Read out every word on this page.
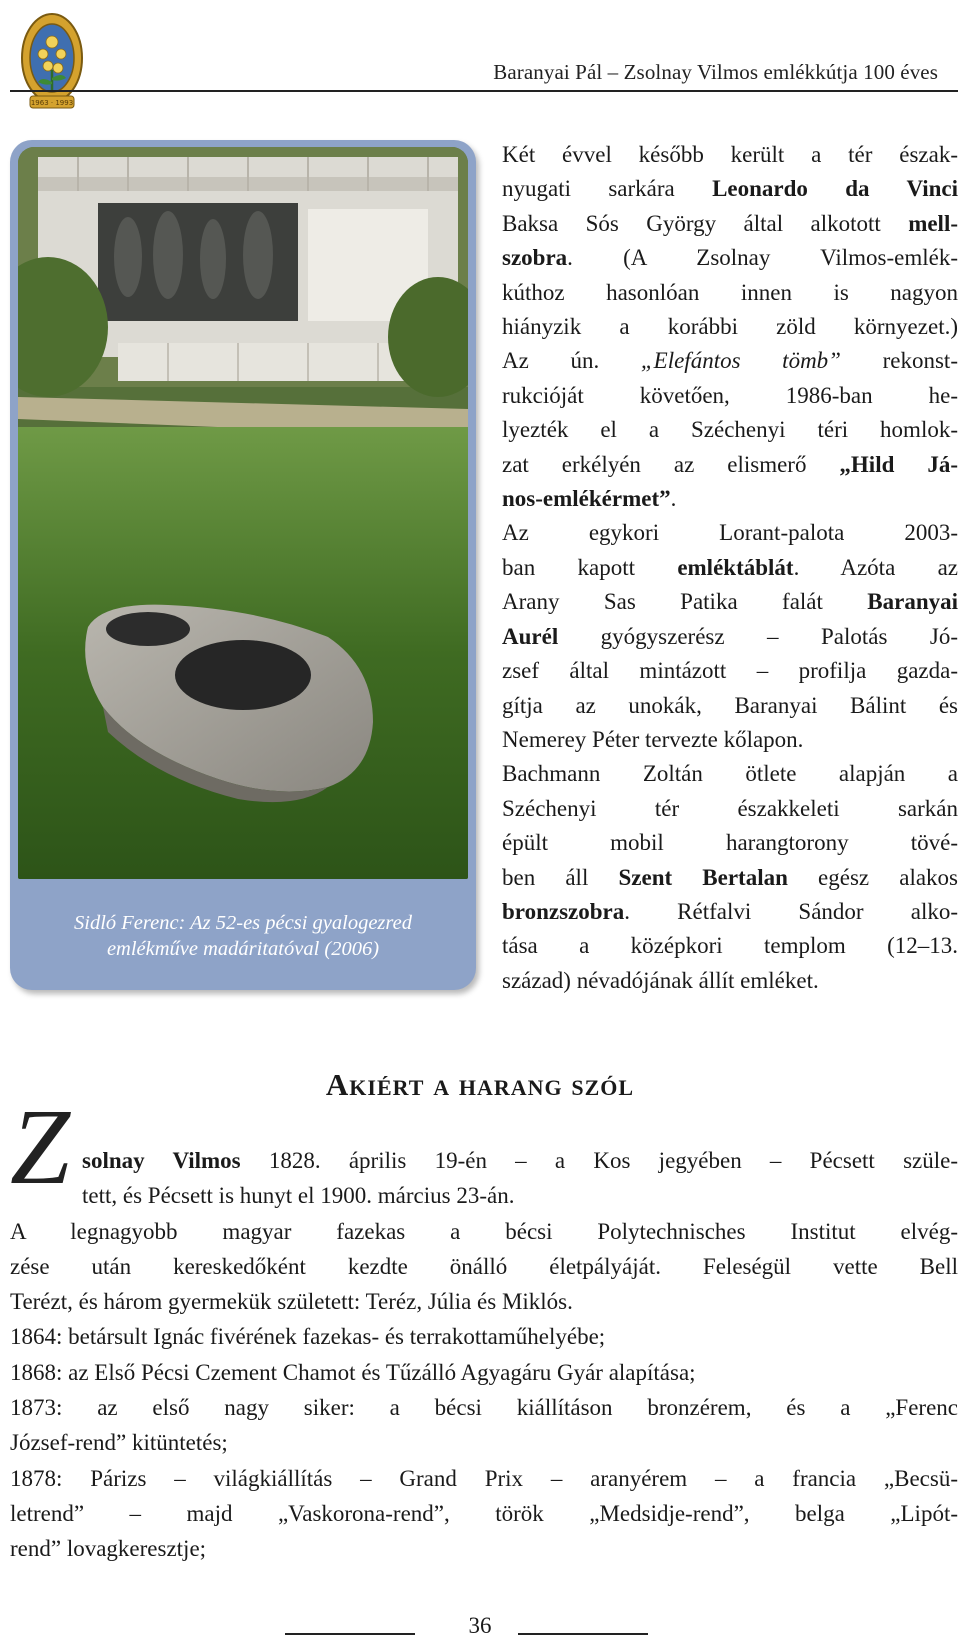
1963 · 1993
Baranyai Pál – Zsolnay Vilmos emlékkútja 100 éves
Sidló Ferenc: Az 52-es pécsi gyalogezred
emlékműve madáritatóval (2006)
Két évvel később került a tér észak-
nyugati sarkára Leonardo da Vinci
Baksa Sós György által alkotott mell-
szobra. (A Zsolnay Vilmos-emlék-
kúthoz hasonlóan innen is nagyon
hiányzik a korábbi zöld környezet.)
Az ún. „Elefántos tömb” rekonst-
rukcióját követően, 1986-ban he-
lyezték el a Széchenyi téri homlok-
zat erkélyén az elismerő „Hild Já-
nos-emlékérmet”.
Az egykori Lorant-palota 2003-
ban kapott emléktáblát. Azóta az
Arany Sas Patika falát Baranyai
Aurél gyógyszerész – Palotás Jó-
zsef által mintázott – profilja gazda-
gítja az unokák, Baranyai Bálint és
Nemerey Péter tervezte kőlapon.
Bachmann Zoltán ötlete alapján a
Széchenyi tér északkeleti sarkán
épült mobil harangtorony tövé-
ben áll Szent Bertalan egész alakos
bronzszobra. Rétfalvi Sándor alko-
tása a középkori templom (12–13.
század) névadójának állít emléket.
Akiért a harang szól
Z solnay Vilmos 1828. április 19-én – a Kos jegyében – Pécsett szüle-
tett, és Pécsett is hunyt el 1900. március 23-án.
A legnagyobb magyar fazekas a bécsi Polytechnisches Institut elvég-
zése után kereskedőként kezdte önálló életpályáját. Feleségül vette Bell
Terézt, és három gyermekük született: Teréz, Júlia és Miklós.
1864: betársult Ignác fivérének fazekas- és terrakottaműhelyébe;
1868: az Első Pécsi Czement Chamot és Tűzálló Agyagáru Gyár alapítása;
1873: az első nagy siker: a bécsi kiállításon bronzérem, és a „Ferenc
József-rend” kitüntetés;
1878: Párizs – világkiállítás – Grand Prix – aranyérem – a francia „Becsü-
letrend” – majd „Vaskorona-rend”, török „Medsidje-rend”, belga „Lipót-
rend” lovagkeresztje;
36
